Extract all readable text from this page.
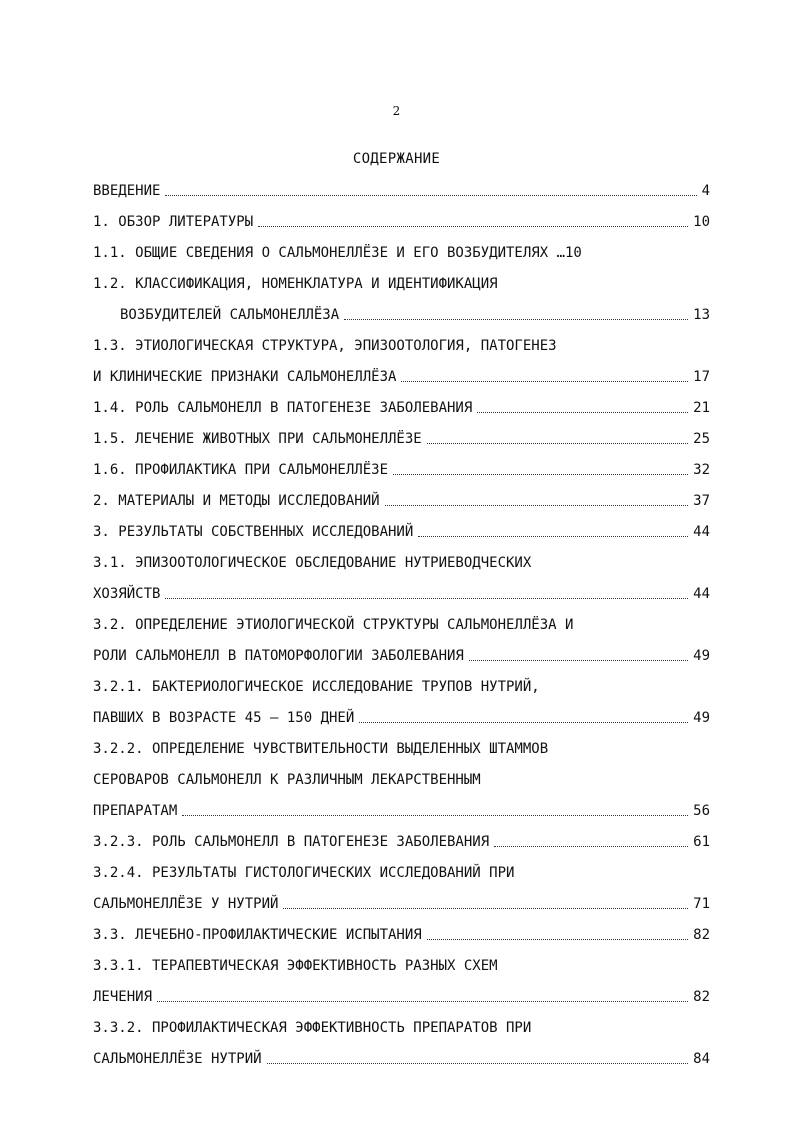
2
СОДЕРЖАНИЕ
ВВЕДЕНИЕ	4
1. ОБЗОР ЛИТЕРАТУРЫ	10
1.1. ОБЩИЕ СВЕДЕНИЯ О САЛЬМОНЕЛЛЁЗЕ И ЕГО ВОЗБУДИТЕЛЯХ …10
1.2. КЛАССИФИКАЦИЯ, НОМЕНКЛАТУРА И ИДЕНТИФИКАЦИЯ
ВОЗБУДИТЕЛЕЙ САЛЬМОНЕЛЛЁЗА	13
1.3. ЭТИОЛОГИЧЕСКАЯ СТРУКТУРА, ЭПИЗООТОЛОГИЯ, ПАТОГЕНЕЗ
И КЛИНИЧЕСКИЕ ПРИЗНАКИ САЛЬМОНЕЛЛЁЗА	17
1.4. РОЛЬ САЛЬМОНЕЛЛ В ПАТОГЕНЕЗЕ ЗАБОЛЕВАНИЯ	21
1.5. ЛЕЧЕНИЕ ЖИВОТНЫХ ПРИ САЛЬМОНЕЛЛЁЗЕ	25
1.6. ПРОФИЛАКТИКА ПРИ САЛЬМОНЕЛЛЁЗЕ	32
2. МАТЕРИАЛЫ И МЕТОДЫ ИССЛЕДОВАНИЙ	37
3. РЕЗУЛЬТАТЫ СОБСТВЕННЫХ ИССЛЕДОВАНИЙ	44
3.1. ЭПИЗООТОЛОГИЧЕСКОЕ ОБСЛЕДОВАНИЕ НУТРИЕВОДЧЕСКИХ
ХОЗЯЙСТВ	44
3.2. ОПРЕДЕЛЕНИЕ ЭТИОЛОГИЧЕСКОЙ СТРУКТУРЫ САЛЬМОНЕЛЛЁЗА И
РОЛИ САЛЬМОНЕЛЛ В ПАТОМОРФОЛОГИИ ЗАБОЛЕВАНИЯ	49
3.2.1. БАКТЕРИОЛОГИЧЕСКОЕ ИССЛЕДОВАНИЕ ТРУПОВ НУТРИЙ,
ПАВШИХ В ВОЗРАСТЕ 45 – 150 ДНЕЙ	49
3.2.2. ОПРЕДЕЛЕНИЕ ЧУВСТВИТЕЛЬНОСТИ ВЫДЕЛЕННЫХ ШТАММОВ
СЕРОВАРОВ САЛЬМОНЕЛЛ К РАЗЛИЧНЫМ ЛЕКАРСТВЕННЫМ
ПРЕПАРАТАМ	56
3.2.3. РОЛЬ САЛЬМОНЕЛЛ В ПАТОГЕНЕЗЕ ЗАБОЛЕВАНИЯ	61
3.2.4. РЕЗУЛЬТАТЫ ГИСТОЛОГИЧЕСКИХ ИССЛЕДОВАНИЙ ПРИ
САЛЬМОНЕЛЛЁЗЕ У НУТРИЙ	71
3.3. ЛЕЧЕБНО-ПРОФИЛАКТИЧЕСКИЕ ИСПЫТАНИЯ	82
3.3.1. ТЕРАПЕВТИЧЕСКАЯ ЭФФЕКТИВНОСТЬ РАЗНЫХ СХЕМ
ЛЕЧЕНИЯ	82
3.3.2. ПРОФИЛАКТИЧЕСКАЯ ЭФФЕКТИВНОСТЬ ПРЕПАРАТОВ ПРИ
САЛЬМОНЕЛЛЁЗЕ НУТРИЙ	84
